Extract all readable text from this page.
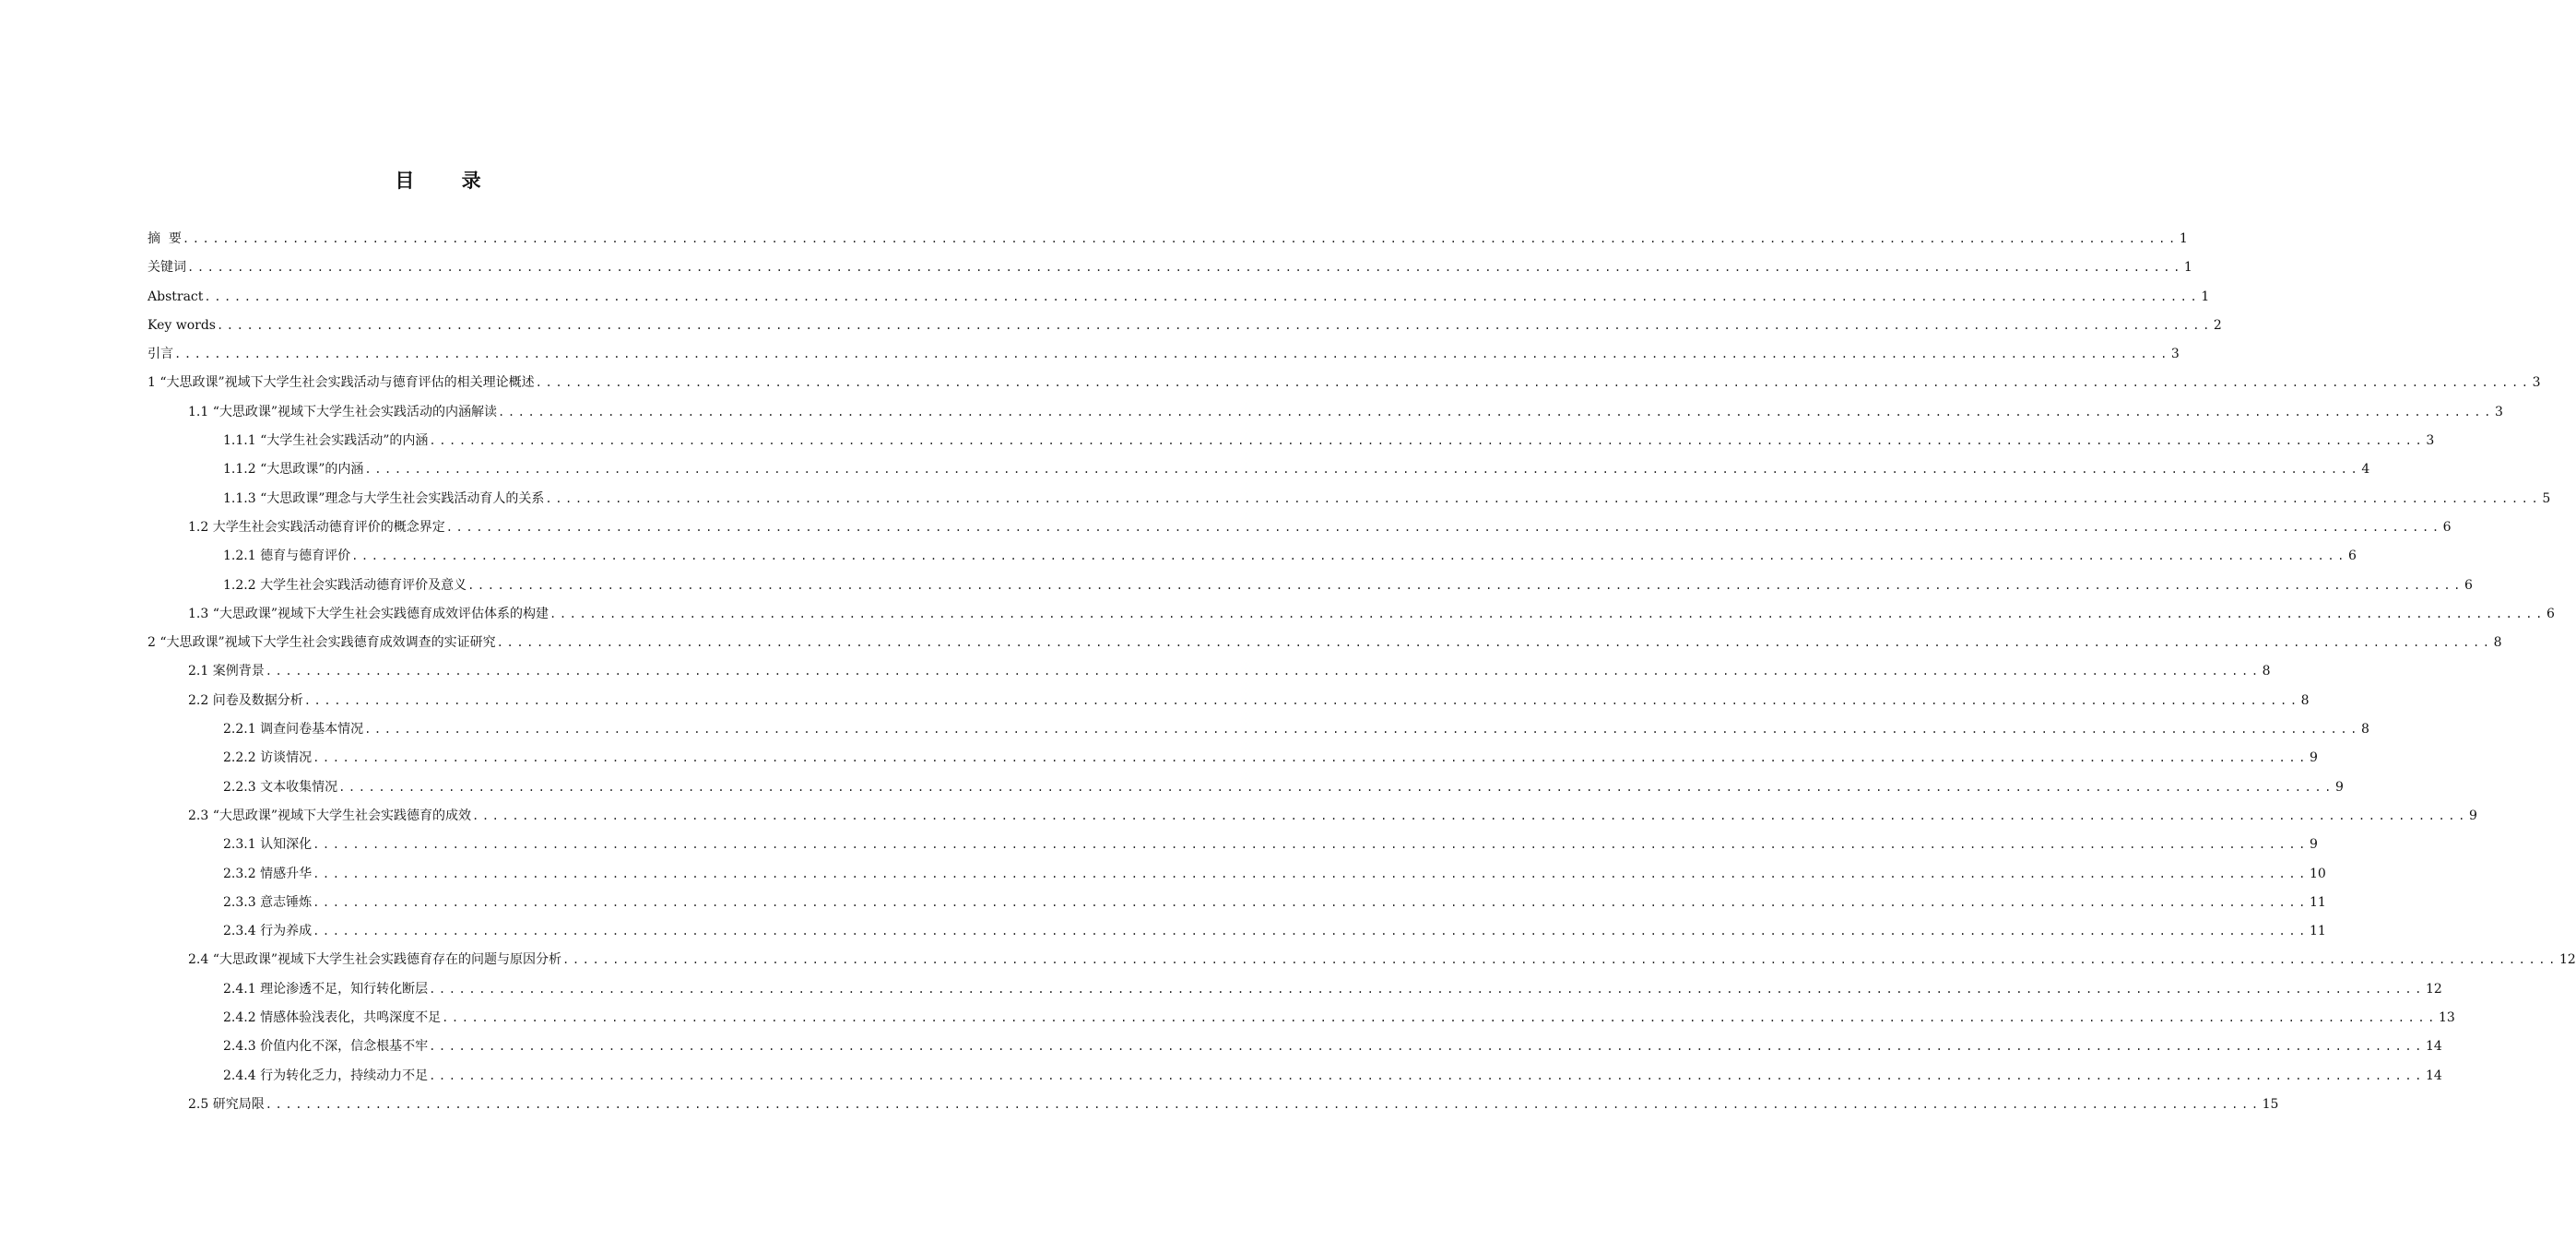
目 录
摘  要 ........................................................................................................................................................................................................ 1
关键词 ........................................................................................................................................................................................................ 1
Abstract ........................................................................................................................................................................................................ 1
Key words ........................................................................................................................................................................................................ 2
引言 ........................................................................................................................................................................................................ 3
1 “大思政课”视域下大学生社会实践活动与德育评估的相关理论概述 ........................................................................................................................................................................................................ 3
1.1 “大思政课”视域下大学生社会实践活动的内涵解读 ........................................................................................................................................................................................................ 3
1.1.1 “大学生社会实践活动”的内涵 ........................................................................................................................................................................................................ 3
1.1.2 “大思政课”的内涵 ........................................................................................................................................................................................................ 4
1.1.3 “大思政课”理念与大学生社会实践活动育人的关系 ........................................................................................................................................................................................................ 5
1.2 大学生社会实践活动德育评价的概念界定 ........................................................................................................................................................................................................ 6
1.2.1 德育与德育评价 ........................................................................................................................................................................................................ 6
1.2.2 大学生社会实践活动德育评价及意义 ........................................................................................................................................................................................................ 6
1.3 “大思政课”视域下大学生社会实践德育成效评估体系的构建 ........................................................................................................................................................................................................ 6
2 “大思政课”视域下大学生社会实践德育成效调查的实证研究 ........................................................................................................................................................................................................ 8
2.1 案例背景 ........................................................................................................................................................................................................ 8
2.2 问卷及数据分析 ........................................................................................................................................................................................................ 8
2.2.1 调查问卷基本情况 ........................................................................................................................................................................................................ 8
2.2.2 访谈情况 ........................................................................................................................................................................................................ 9
2.2.3 文本收集情况 ........................................................................................................................................................................................................ 9
2.3 “大思政课”视域下大学生社会实践德育的成效 ........................................................................................................................................................................................................ 9
2.3.1 认知深化 ........................................................................................................................................................................................................ 9
2.3.2 情感升华 ........................................................................................................................................................................................................ 10
2.3.3 意志锤炼 ........................................................................................................................................................................................................ 11
2.3.4 行为养成 ........................................................................................................................................................................................................ 11
2.4 “大思政课”视域下大学生社会实践德育存在的问题与原因分析 ........................................................................................................................................................................................................ 12
2.4.1 理论渗透不足，知行转化断层 ........................................................................................................................................................................................................ 12
2.4.2 情感体验浅表化，共鸣深度不足 ........................................................................................................................................................................................................ 13
2.4.3 价值内化不深，信念根基不牢 ........................................................................................................................................................................................................ 14
2.4.4 行为转化乏力，持续动力不足 ........................................................................................................................................................................................................ 14
2.5 研究局限 ........................................................................................................................................................................................................ 15
